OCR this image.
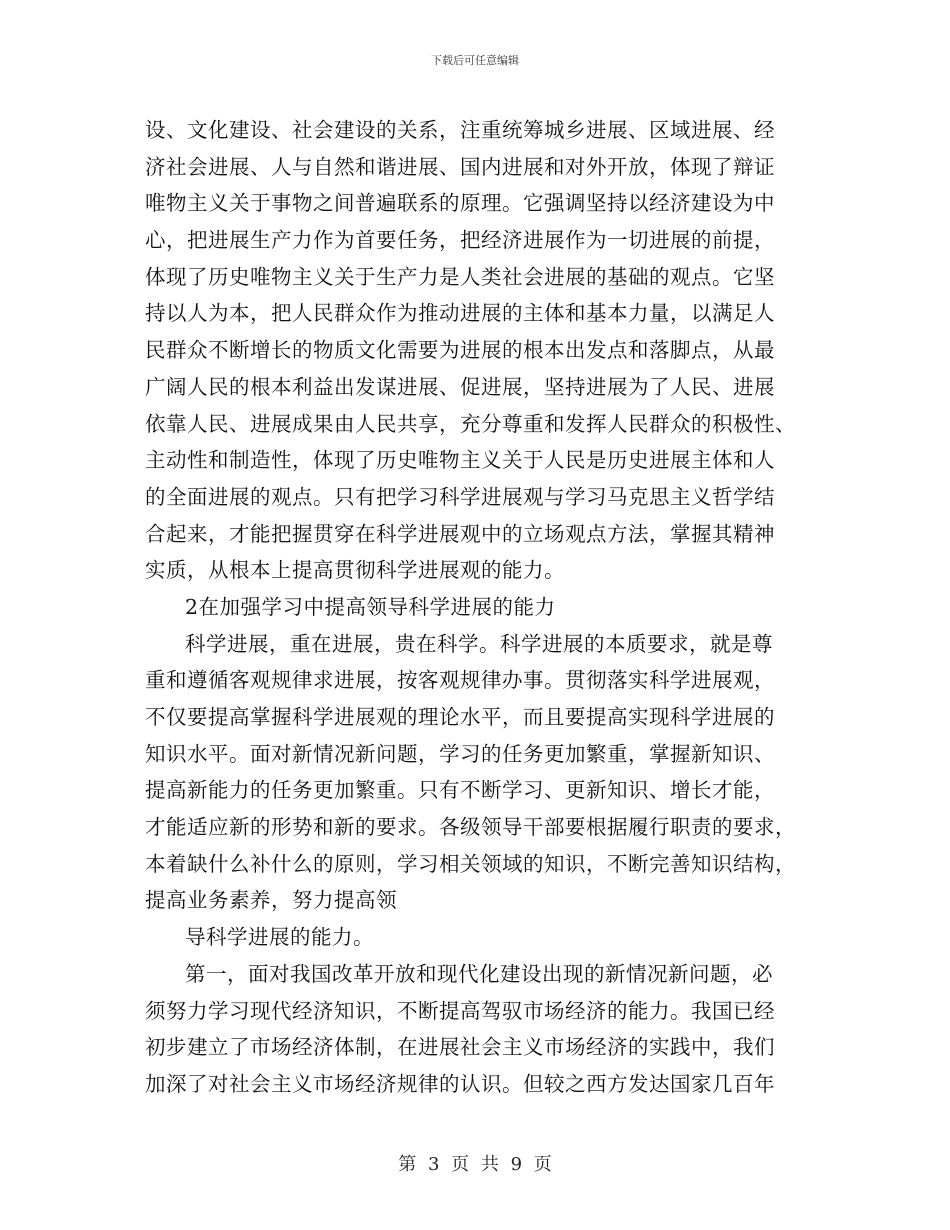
下载后可任意编辑
设、文化建设、社会建设的关系，注重统筹城乡进展、区域进展、经
济社会进展、人与自然和谐进展、国内进展和对外开放，体现了辩证
唯物主义关于事物之间普遍联系的原理。它强调坚持以经济建设为中
心，把进展生产力作为首要任务，把经济进展作为一切进展的前提，
体现了历史唯物主义关于生产力是人类社会进展的基础的观点。它坚
持以人为本，把人民群众作为推动进展的主体和基本力量，以满足人
民群众不断增长的物质文化需要为进展的根本出发点和落脚点，从最
广阔人民的根本利益出发谋进展、促进展，坚持进展为了人民、进展
依靠人民、进展成果由人民共享，充分尊重和发挥人民群众的积极性、
主动性和制造性，体现了历史唯物主义关于人民是历史进展主体和人
的全面进展的观点。只有把学习科学进展观与学习马克思主义哲学结
合起来，才能把握贯穿在科学进展观中的立场观点方法，掌握其精神
实质，从根本上提高贯彻科学进展观的能力。
2在加强学习中提高领导科学进展的能力
科学进展，重在进展，贵在科学。科学进展的本质要求，就是尊
重和遵循客观规律求进展，按客观规律办事。贯彻落实科学进展观，
不仅要提高掌握科学进展观的理论水平，而且要提高实现科学进展的
知识水平。面对新情况新问题，学习的任务更加繁重，掌握新知识、
提高新能力的任务更加繁重。只有不断学习、更新知识、增长才能，
才能适应新的形势和新的要求。各级领导干部要根据履行职责的要求，
本着缺什么补什么的原则，学习相关领域的知识，不断完善知识结构，
提高业务素养，努力提高领
导科学进展的能力。
第一，面对我国改革开放和现代化建设出现的新情况新问题，必
须努力学习现代经济知识，不断提高驾驭市场经济的能力。我国已经
初步建立了市场经济体制，在进展社会主义市场经济的实践中，我们
加深了对社会主义市场经济规律的认识。但较之西方发达国家几百年
第 3 页 共 9 页
